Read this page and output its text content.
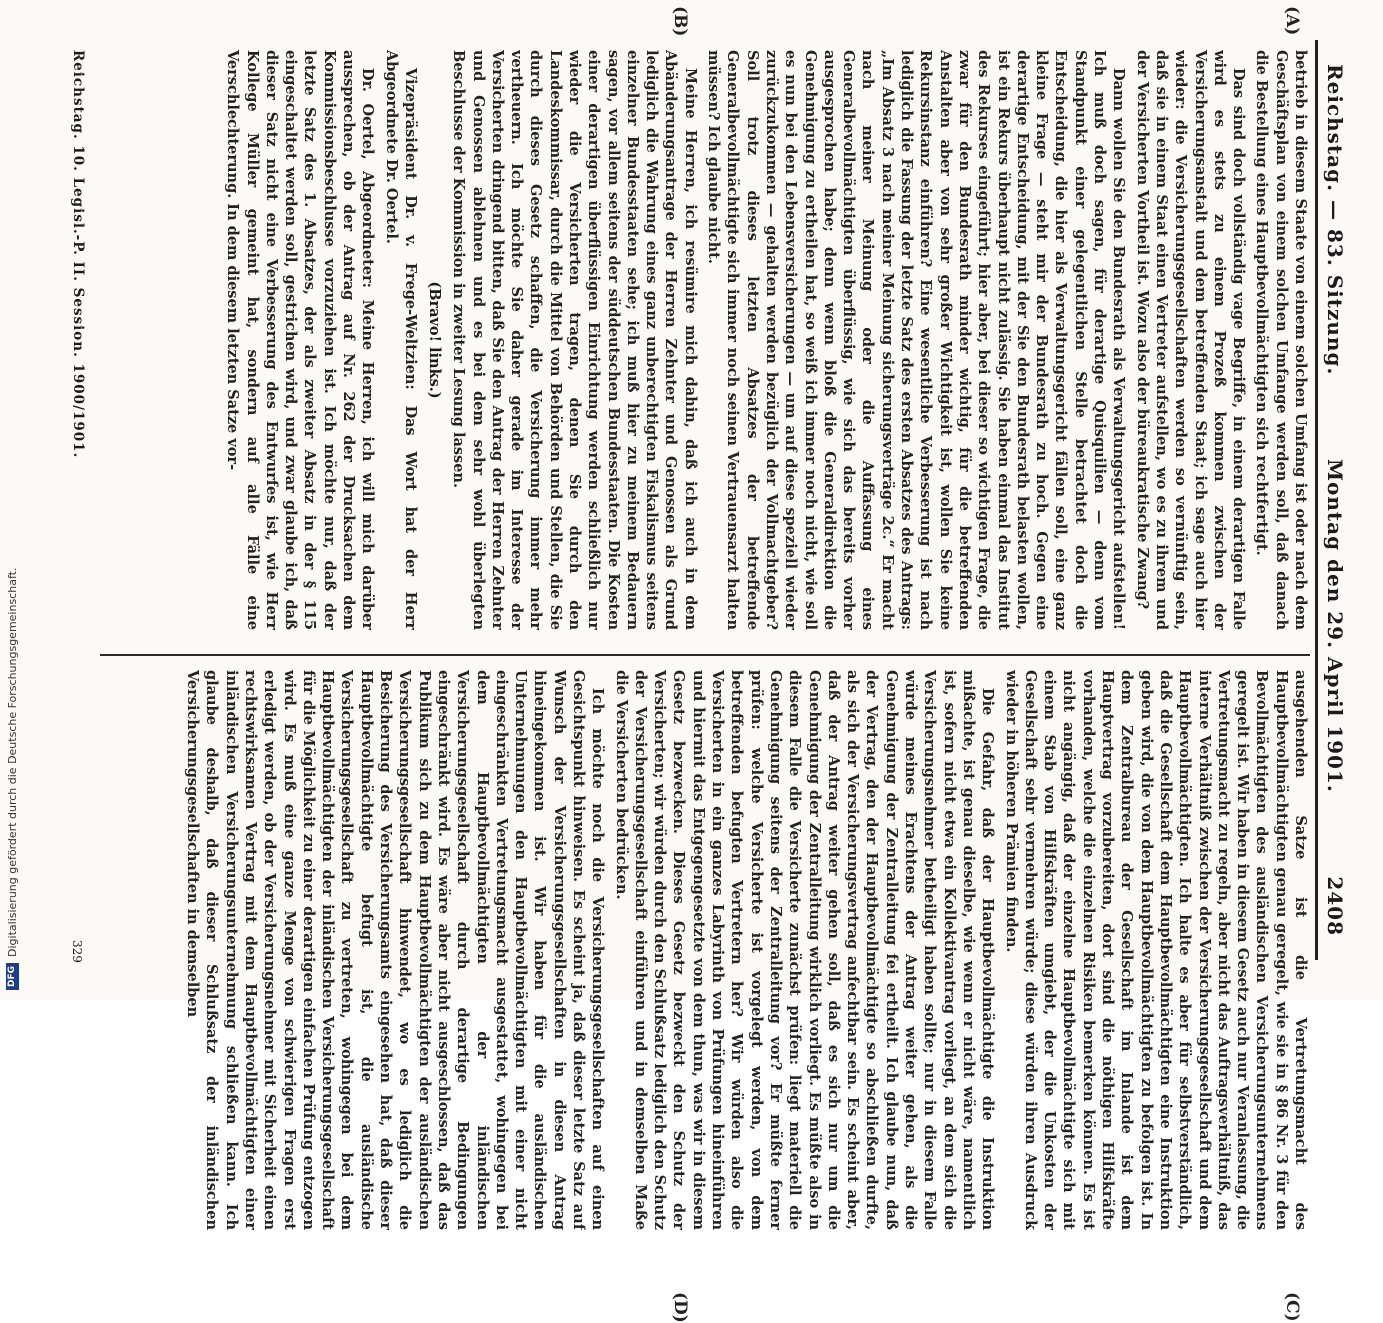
Reichstag. — 83. Sitzung.
Montag den 29. April 1901.
2408
(A)
(B)
(C)
(D)

betrieb in diesem Staate von einem solchen Umfang ist oder nach dem Geschäftsplan von einem solchen Umfange werden soll, daß danach die Bestellung eines Hauptbevollmächtigten sich rechtfertigt.

Das sind doch vollständig vage Begriffe, in einem derartigen Falle wird es stets zu einem Prozeß kommen zwischen der Versicherungsanstalt und dem betreffenden Staat; ich sage auch hier wieder: die Versicherungsgesellschaften werden so vernünftig sein, daß sie in einem Staat einen Vertreter aufstellen, wo es zu ihrem und der Versicherten Vortheil ist. Wozu also der büreaukratische Zwang?

Dann wollen Sie den Bundesrath als Verwaltungsgericht aufstellen! Ich muß doch sagen, für derartige Quisquilien — denn vom Standpunkt einer gelegentlichen Stelle betrachtet doch die Entscheidung, die hier als Verwaltungsgericht fällen soll, eine ganz kleine Frage — steht mir der Bundesrath zu hoch. Gegen eine derartige Entscheidung, mit der Sie den Bundesrath belasten wollen, ist ein Rekurs überhaupt nicht zulässig. Sie haben einmal das Institut des Rekurses eingeführt; hier aber, bei dieser so wichtigen Frage, die zwar für den Bundesrath minder wichtig, für die betreffenden Anstalten aber von sehr großer Wichtigkeit ist, wollen Sie keine Rekursinstanz einführen? Eine wesentliche Verbesserung ist nach lediglich die Fassung der letzte Satz des ersten Absatzes des Antrags: „Im Absatz 3 nach meiner Meinung sicherungsverträge 2c.“ Er macht nach meiner Meinung oder die Auffassung eines Generalbevollmächtigten überflüssig, wie sich das bereits vorher ausgesprochen habe; denn wenn bloß die Generaldirektion die Genehmigung zu ertheilen hat, so weiß ich immer noch nicht, wie soll es nun bei den Lebensversicherungen — um auf diese speziell wieder zurückzukommen — gehalten werden bezüglich der Vollmachtgeber? Soll trotz dieses letzten Absatzes der betreffende Generalbevollmächtigte sich immer noch seinen Vertrauensarzt halten müssen? Ich glaube nicht.

Meine Herren, ich resümire mich dahin, daß ich auch in dem Abänderungsantrage der Herren Zehnter und Genossen als Grund lediglich die Wahrung eines ganz unberechtigten Fiskalismus seitens einzelner Bundesstaaten sehe; ich muß hier zu meinem Bedauern sagen, vor allem seitens der süddeutschen Bundesstaaten. Die Kosten einer derartigen überflüssigen Einrichtung werden schließlich nur wieder die Versicherten tragen, denen Sie durch den Landeskommissar, durch die Mittel von Behörden und Stellen, die Sie durch dieses Gesetz schaffen, die Versicherung immer mehr vertheuern. Ich möchte Sie daher gerade im Interesse der Versicherten dringend bitten, daß Sie den Antrag der Herren Zehnter und Genossen ablehnen und es bei dem sehr wohl überlegten Beschlusse der Kommission in zweiter Lesung lassen.

(Bravo! links.)

Vizepräsident Dr. v. Frege-Weltzien: Das Wort hat der Herr Abgeordnete Dr. Oertel.

Dr. Oertel, Abgeordneter: Meine Herren, ich will mich darüber aussprechen, ob der Antrag auf Nr. 262 der Drucksachen dem Kommissionsbeschlusse vorzuziehen ist. Ich möchte nur, daß der letzte Satz des 1. Absatzes, der als zweiter Absatz in der § 115 eingeschaltet werden soll, gestrichen wird, und zwar glaube ich, daß dieser Satz nicht eine Verbesserung des Entwurfes ist, wie Herr Kollege Müller gemeint hat, sondern auf alle Fälle eine Verschlechterung. In dem diesem letzten Satze vor-

ausgehenden Satze ist die Vertretungsmacht des Hauptbevollmächtigten genau geregelt, wie sie in § 86 Nr. 3 für den Bevollmächtigten des ausländischen Versicherungsunternehmens geregelt ist. Wir haben in diesem Gesetz auch nur Veranlassung, die Vertretungsmacht zu regeln, aber nicht das Auftragsverhältniß, das interne Verhältniß zwischen der Versicherungsgesellschaft und dem Hauptbevollmächtigten. Ich halte es aber für selbstverständlich, daß die Gesellschaft dem Hauptbevollmächtigten eine Instruktion geben wird, die von dem Hauptbevollmächtigten zu befolgen ist. In dem Zentralbureau der Gesellschaft im Inlande ist dem Hauptvertrag vorzubereiten, dort sind die nöthigen Hilfskräfte vorhanden, welche die einzelnen Risiken bemerken können. Es ist nicht angängig, daß der einzelne Hauptbevollmächtigte sich mit einem Stab von Hilfskräften umgiebt, der die Unkosten der Gesellschaft sehr vermehren würde; diese würden ihren Ausdruck wieder in höheren Prämien finden.

Die Gefahr, daß der Hauptbevollmächtigte die Instruktion mißachte, ist genau dieselbe, wie wenn er nicht wäre, namentlich ist, sofern nicht etwa ein Kollektivantrag vorliegt, an dem sich die Versicherungsnehmer betheiligt haben sollte; nur in diesem Falle würde meines Erachtens der Antrag weiter gehen, als die Genehmigung der Zentralleitung fei ertheilt. Ich glaube nun, daß der Vertrag, den der Hauptbevollmächtigte so abschließen durfte, als sich der Versicherungsvertrag anfechtbar sein. Es scheint aber, daß der Antrag weiter gehen soll, daß es sich nur um die Genehmigung der Zentralleitung wirklich vorliegt. Es müßte also in diesem Falle die Versicherte zunächst prüfen: liegt materiell die Genehmigung seitens der Zentralleitung vor? Er müßte ferner prüfen: welche Versicherte ist vorgelegt werden, von dem betreffenden befugten Vertretern her? Wir würden also die Versicherten in ein ganzes Labyrinth von Prüfungen hineinführen und hiermit das Entgegengesetzte von dem thun, was wir in diesem Gesetz bezwecken. Dieses Gesetz bezweckt den Schutz der Versicherten; wir würden durch den Schlußsatz lediglich den Schutz der Versicherungsgesellschaft einführen und in demselben Maße die Versicherten bedrücken.

Ich möchte noch die Versicherungsgesellschaften auf einen Gesichtspunkt hinweisen. Es scheint ja, daß dieser letzte Satz auf Wunsch der Versicherungsgesellschaften in diesen Antrag hineingekommen ist. Wir haben für die ausländischen Unternehmungen den Hauptbevollmächtigten mit einer nicht eingeschränkten Vertretungsmacht ausgestattet, wohingegen bei dem Hauptbevollmächtigten der inländischen Versicherungsgesellschaft durch derartige Bedingungen eingeschränkt wird. Es wäre aber nicht ausgeschlossen, daß das Publikum sich zu dem Hauptbevollmächtigten der ausländischen Versicherungsgesellschaft hinwendet, wo es lediglich die Besicherung des Versicherungsamts eingesehen hat, daß dieser Hauptbevollmächtigte befugt ist, die ausländische Versicherungsgesellschaft zu vertreten, wohingegen bei dem Hauptbevollmächtigten der inländischen Versicherungsgesellschaft für die Möglichkeit zu einer derartigen einfachen Prüfung entzogen wird. Es muß eine ganze Menge von schwierigen Fragen erst erledigt werden, ob der Versicherungsnehmer mit Sicherheit einen rechtswirksamen Vertrag mit dem Hauptbevollmächtigten einer inländischen Versicherungsunternehmung schließen kann. Ich glaube deshalb, daß dieser Schlußsatz der inländischen Versicherungsgesellschaften in demselben

Reichstag. 10. Legisl.-P. II. Session. 1900/1901.
329
DFG
Digitalisierung gefördert durch die Deutsche Forschungsgemeinschaft.
